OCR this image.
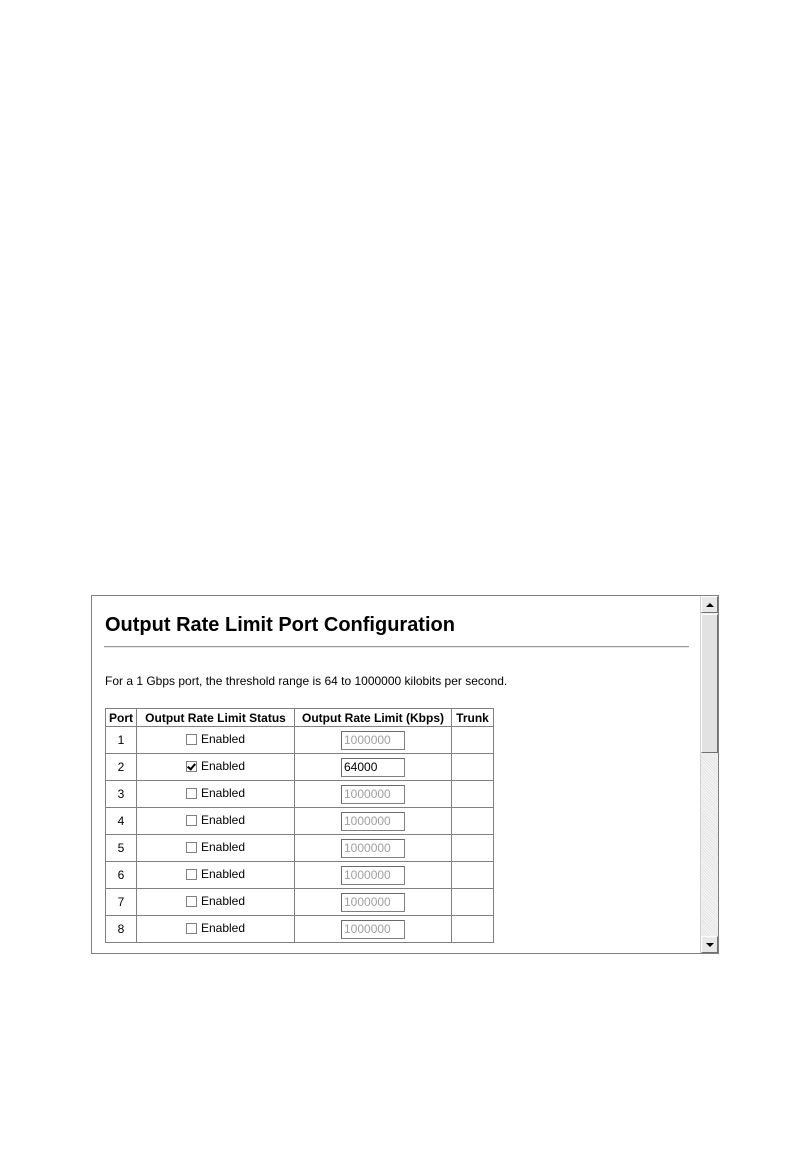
Output Rate Limit Port Configuration
For a 1 Gbps port, the threshold range is 64 to 1000000 kilobits per second.
Port	Output Rate Limit Status	Output Rate Limit (Kbps)	Trunk
1	Enabled	1000000	
2	Enabled	64000	
3	Enabled	1000000	
4	Enabled	1000000	
5	Enabled	1000000	
6	Enabled	1000000	
7	Enabled	1000000	
8	Enabled	1000000	
